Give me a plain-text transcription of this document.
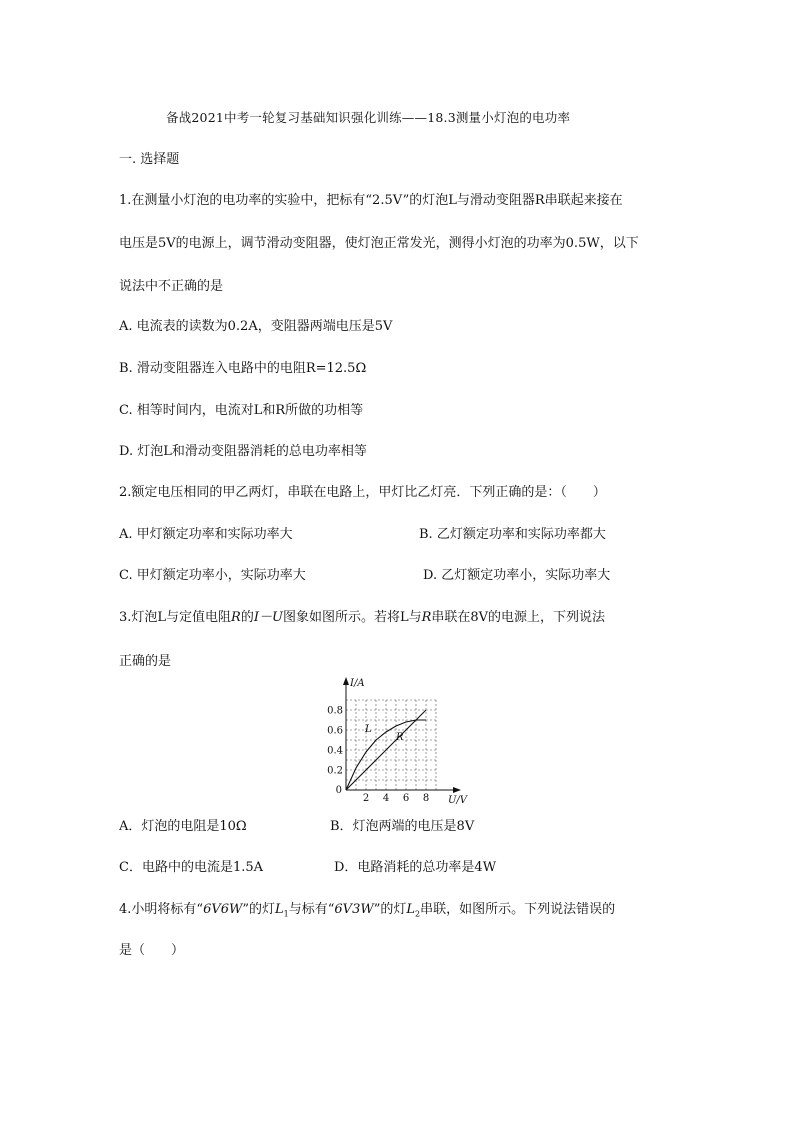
备战2021中考一轮复习基础知识强化训练——18.3测量小灯泡的电功率
一. 选择题
1.在测量小灯泡的电功率的实验中，把标有“2.5V”的灯泡L与滑动变阻器R串联起来接在
电压是5V的电源上，调节滑动变阻器，使灯泡正常发光，测得小灯泡的功率为0.5W，以下
说法中不正确的是
A. 电流表的读数为0.2A，变阻器两端电压是5V
B. 滑动变阻器连入电路中的电阻R=12.5Ω
C. 相等时间内，电流对L和R所做的功相等
D. 灯泡L和滑动变阻器消耗的总电功率相等
2.额定电压相同的甲乙两灯，串联在电路上，甲灯比乙灯亮．下列正确的是：（　　）
A. 甲灯额定功率和实际功率大	B. 乙灯额定功率和实际功率都大
C. 甲灯额定功率小，实际功率大	D. 乙灯额定功率小，实际功率大
3.灯泡L与定值电阻R的I－U图象如图所示。若将L与R串联在8V的电源上，下列说法
正确的是
L
R
2 4 6 8
0.2
0.4
0.6
0.8
0
I/A
U/V
A．灯泡的电阻是10Ω	B．灯泡两端的电压是8V
C．电路中的电流是1.5A	D．电路消耗的总功率是4W
4.小明将标有“6V6W”的灯$L_1$与标有“6V3W”的灯$L_2$串联，如图所示。下列说法错误的
是（　　）
